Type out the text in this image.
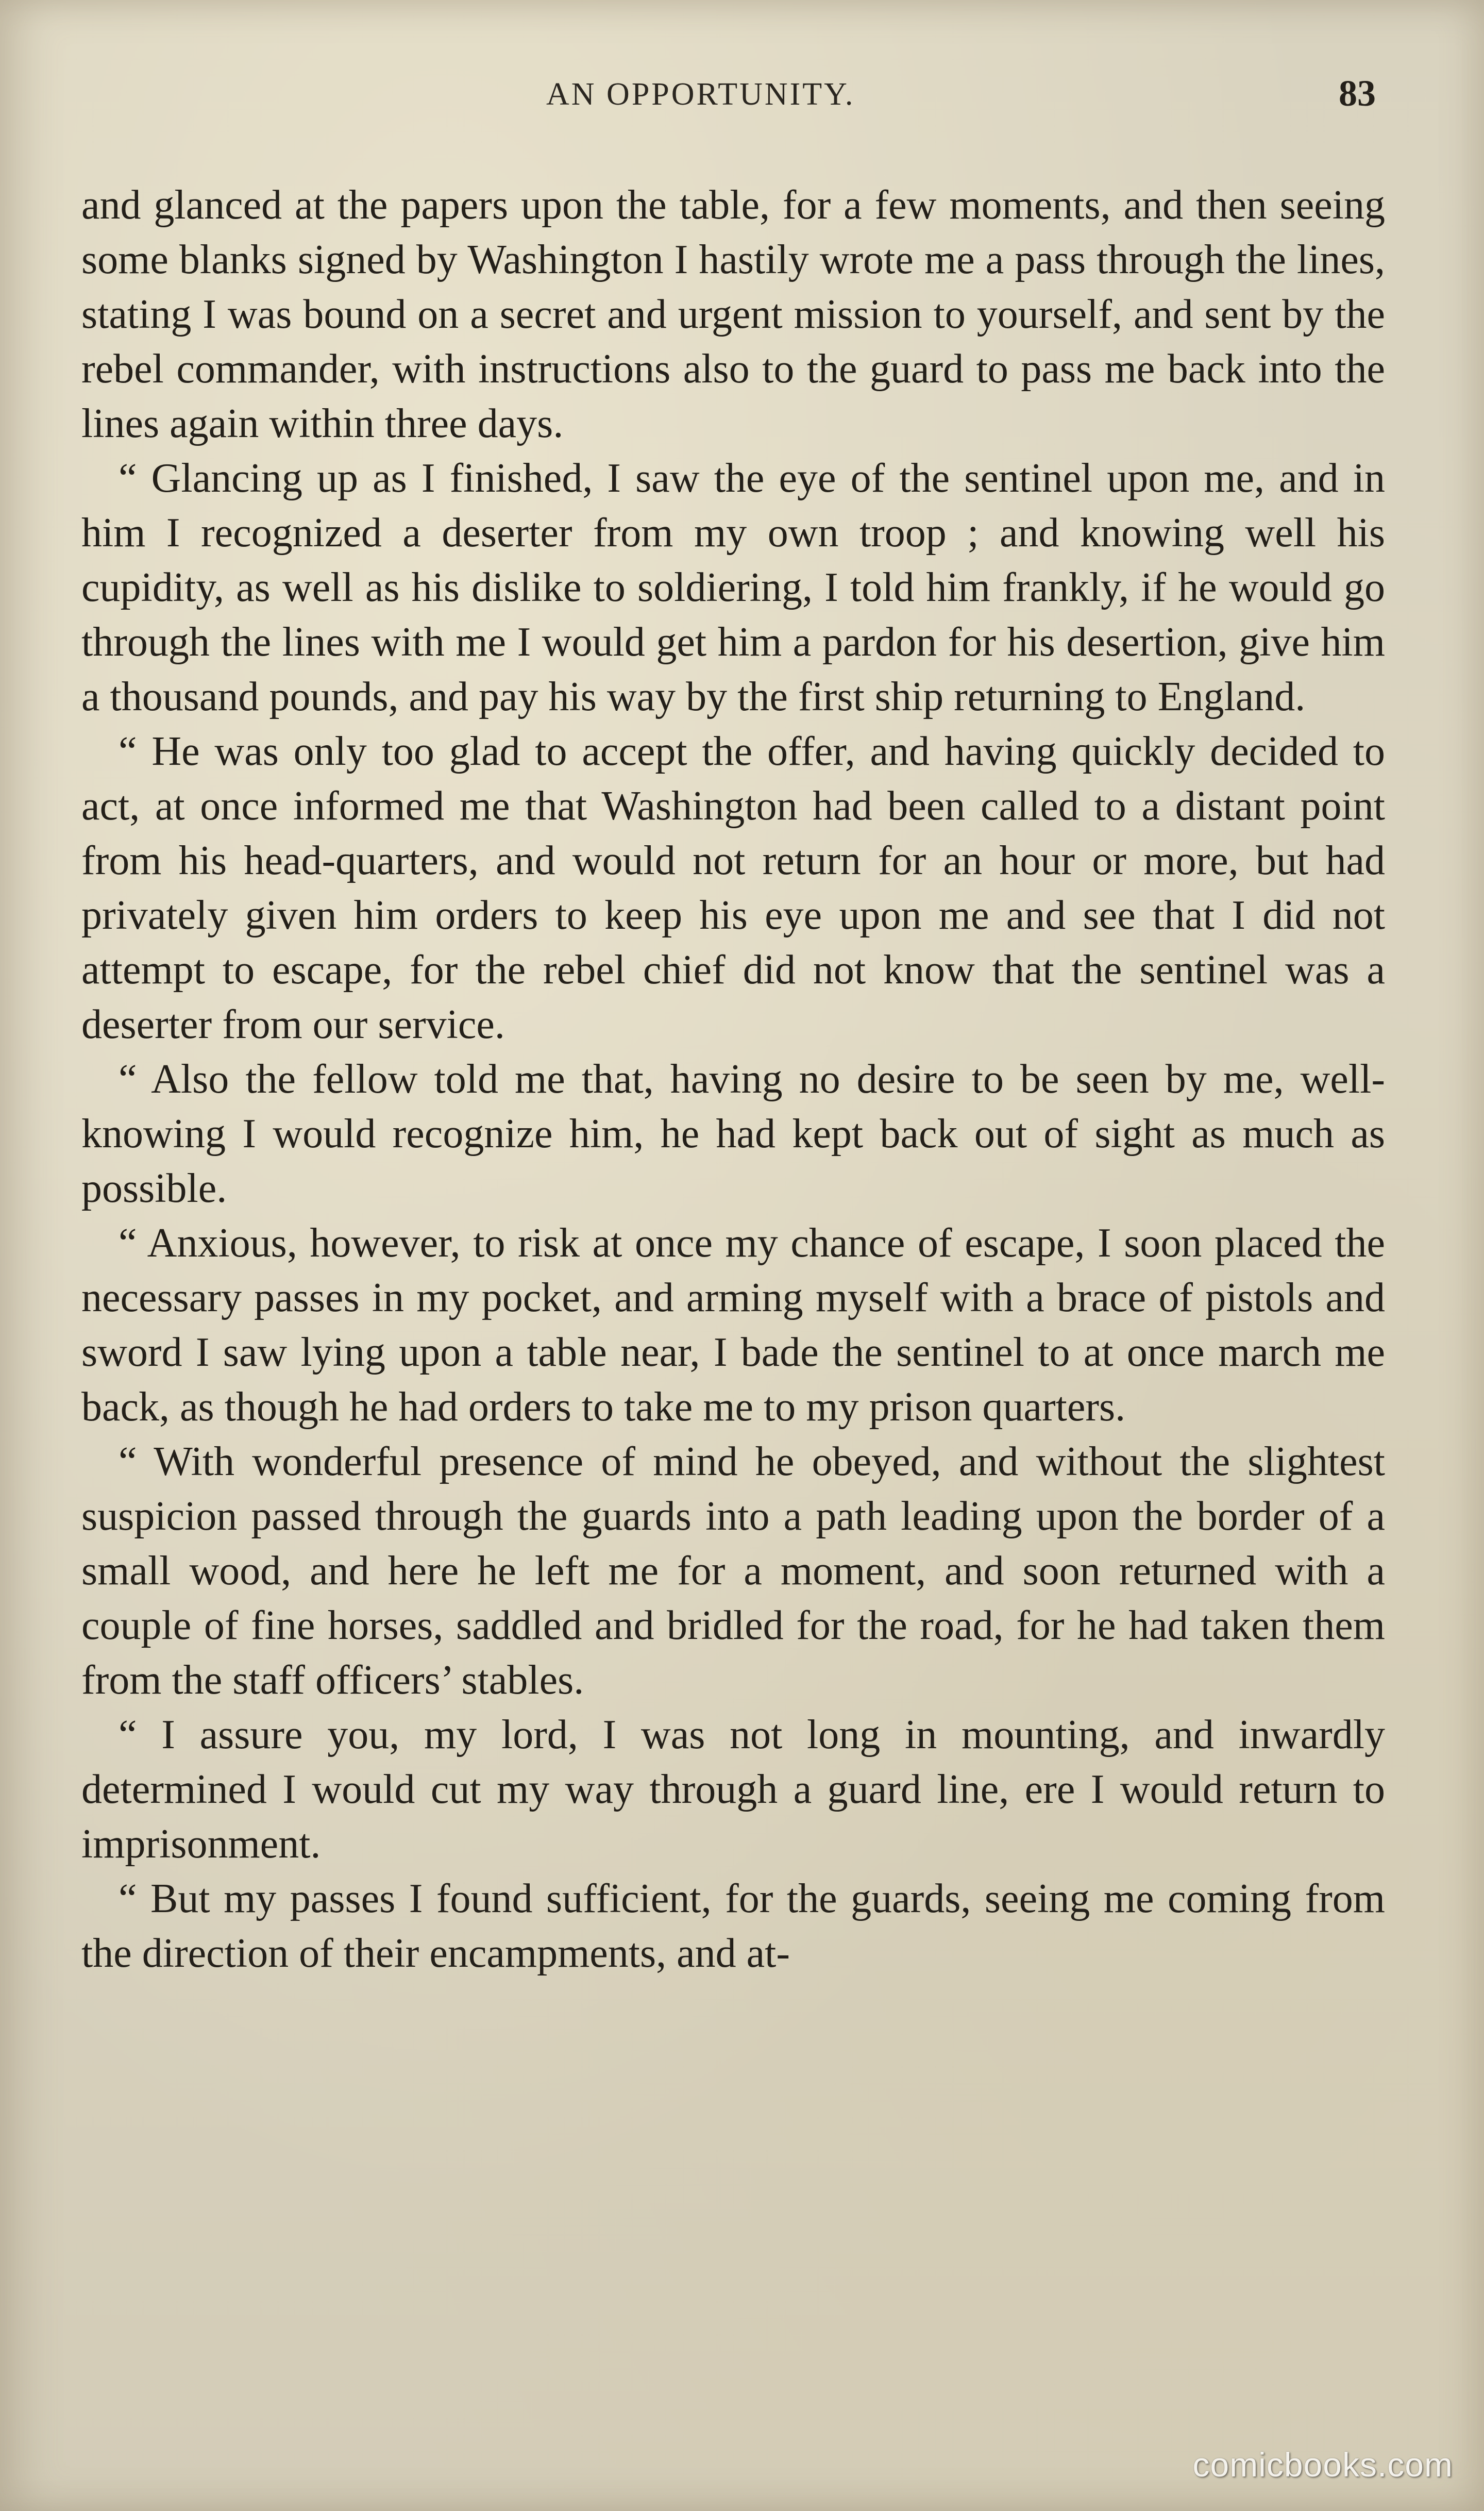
AN OPPORTUNITY.	83

and glanced at the papers upon the table, for a few moments, and then seeing some blanks signed by Washington I hastily wrote me a pass through the lines, stating I was bound on a secret and urgent mission to yourself, and sent by the rebel commander, with instructions also to the guard to pass me back into the lines again within three days.

“ Glancing up as I finished, I saw the eye of the sentinel upon me, and in him I recognized a deserter from my own troop ; and knowing well his cupidity, as well as his dislike to soldiering, I told him frankly, if he would go through the lines with me I would get him a pardon for his desertion, give him a thousand pounds, and pay his way by the first ship returning to England.

“ He was only too glad to accept the offer, and having quickly decided to act, at once informed me that Washington had been called to a distant point from his head-quarters, and would not return for an hour or more, but had privately given him orders to keep his eye upon me and see that I did not attempt to escape, for the rebel chief did not know that the sentinel was a deserter from our service.

“ Also the fellow told me that, having no desire to be seen by me, well-knowing I would recognize him, he had kept back out of sight as much as possible.

“ Anxious, however, to risk at once my chance of escape, I soon placed the necessary passes in my pocket, and arming myself with a brace of pistols and sword I saw lying upon a table near, I bade the sentinel to at once march me back, as though he had orders to take me to my prison quarters.

“ With wonderful presence of mind he obeyed, and without the slightest suspicion passed through the guards into a path leading upon the border of a small wood, and here he left me for a moment, and soon returned with a couple of fine horses, saddled and bridled for the road, for he had taken them from the staff officers’ stables.

“ I assure you, my lord, I was not long in mounting, and inwardly determined I would cut my way through a guard line, ere I would return to imprisonment.

“ But my passes I found sufficient, for the guards, seeing me coming from the direction of their encampments, and at-

comicbooks.com
